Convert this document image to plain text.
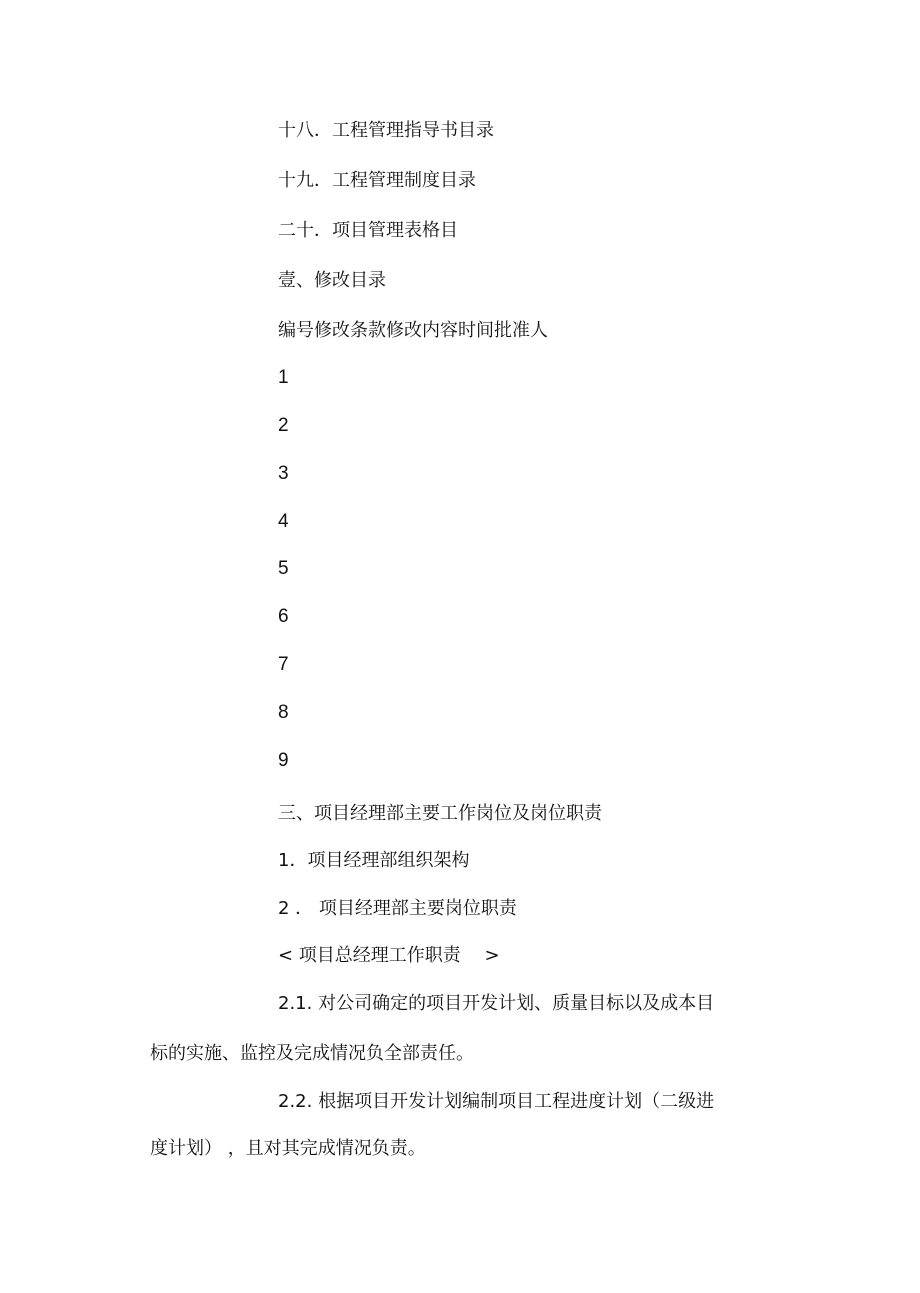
十八．工程管理指导书目录
十九．工程管理制度目录
二十．项目管理表格目
壹、修改目录
编号修改条款修改内容时间批准人
1
2
3
4
5
6
7
8
9
三、项目经理部主要工作岗位及岗位职责
1．项目经理部组织架构
2 ． 项目经理部主要岗位职责
< 项目总经理工作职责 　>
2.1. 对公司确定的项目开发计划、质量目标以及成本目
标的实施、监控及完成情况负全部责任。
2.2. 根据项目开发计划编制项目工程进度计划（二级进
度计划） ，且对其完成情况负责。
